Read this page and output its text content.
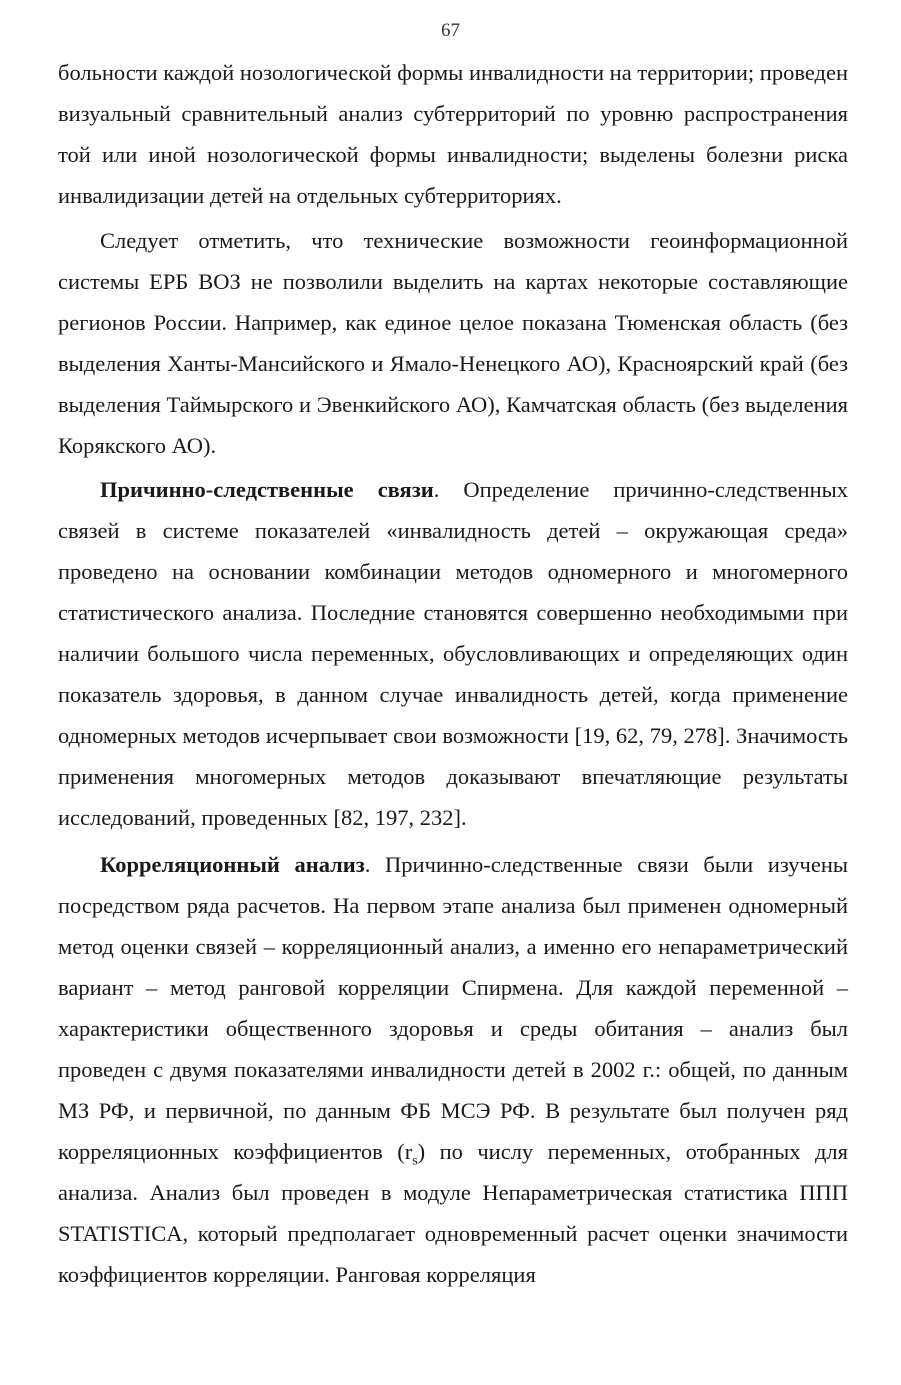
67

больности каждой нозологической формы инвалидности на территории; проведен визуальный сравнительный анализ субтерриторий по уровню распространения той или иной нозологической формы инвалидности; выделены болезни риска инвалидизации детей на отдельных субтерриториях.

Следует отметить, что технические возможности геоинформационной системы ЕРБ ВОЗ не позволили выделить на картах некоторые составляющие регионов России. Например, как единое целое показана Тюменская область (без выделения Ханты-Мансийского и Ямало-Ненецкого АО), Красноярский край (без выделения Таймырского и Эвенкийского АО), Камчатская область (без выделения Корякского АО).

Причинно-следственные связи. Определение причинно-следственных связей в системе показателей «инвалидность детей – окружающая среда» проведено на основании комбинации методов одномерного и многомерного статистического анализа. Последние становятся совершенно необходимыми при наличии большого числа переменных, обусловливающих и определяющих один показатель здоровья, в данном случае инвалидность детей, когда применение одномерных методов исчерпывает свои возможности [19, 62, 79, 278]. Значимость применения многомерных методов доказывают впечатляющие результаты исследований, проведенных [82, 197, 232].

Корреляционный анализ. Причинно-следственные связи были изучены посредством ряда расчетов. На первом этапе анализа был применен одномерный метод оценки связей – корреляционный анализ, а именно его непараметрический вариант – метод ранговой корреляции Спирмена. Для каждой переменной – характеристики общественного здоровья и среды обитания – анализ был проведен с двумя показателями инвалидности детей в 2002 г.: общей, по данным МЗ РФ, и первичной, по данным ФБ МСЭ РФ. В результате был получен ряд корреляционных коэффициентов $(r_s)$ по числу переменных, отобранных для анализа. Анализ был проведен в модуле Непараметрическая статистика ППП STATISTICA, который предполагает одновременный расчет оценки значимости коэффициентов корреляции. Ранговая корреляция
